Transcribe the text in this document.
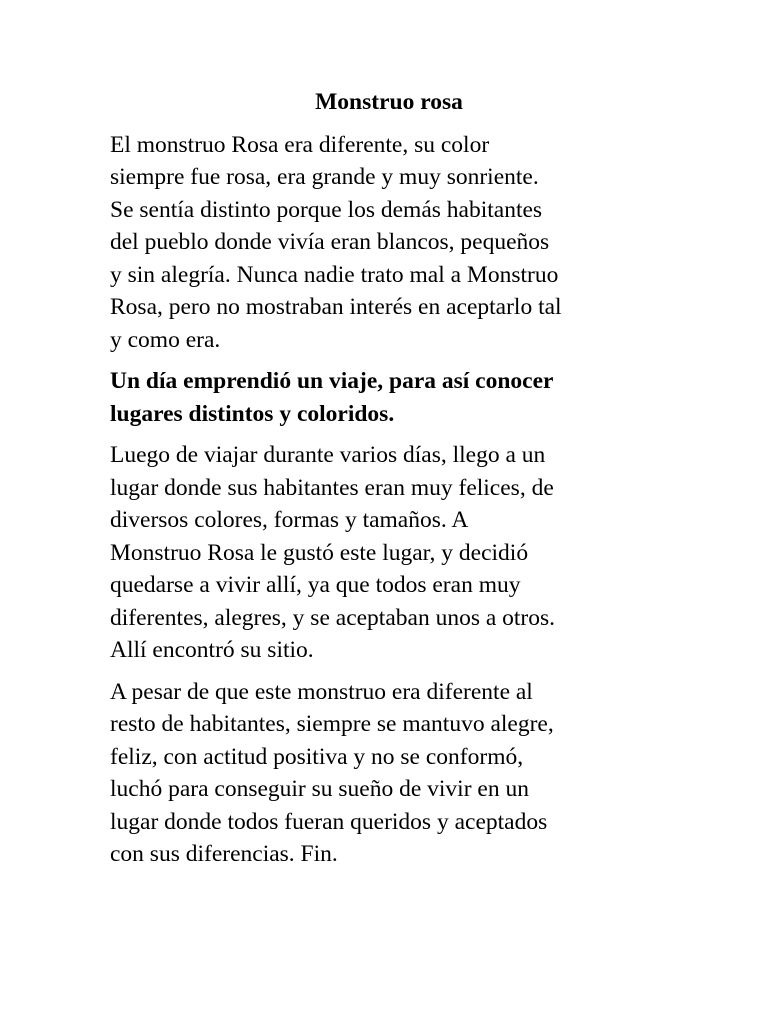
Monstruo rosa

El monstruo Rosa era diferente, su color
siempre fue rosa, era grande y muy sonriente.
Se sentía distinto porque los demás habitantes
del pueblo donde vivía eran blancos, pequeños
y sin alegría. Nunca nadie trato mal a Monstruo
Rosa, pero no mostraban interés en aceptarlo tal
y como era.

Un día emprendió un viaje, para así conocer
lugares distintos y coloridos.

Luego de viajar durante varios días, llego a un
lugar donde sus habitantes eran muy felices, de
diversos colores, formas y tamaños. A
Monstruo Rosa le gustó este lugar, y decidió
quedarse a vivir allí, ya que todos eran muy
diferentes, alegres, y se aceptaban unos a otros.
Allí encontró su sitio.

A pesar de que este monstruo era diferente al
resto de habitantes, siempre se mantuvo alegre,
feliz, con actitud positiva y no se conformó,
luchó para conseguir su sueño de vivir en un
lugar donde todos fueran queridos y aceptados
con sus diferencias. Fin.
